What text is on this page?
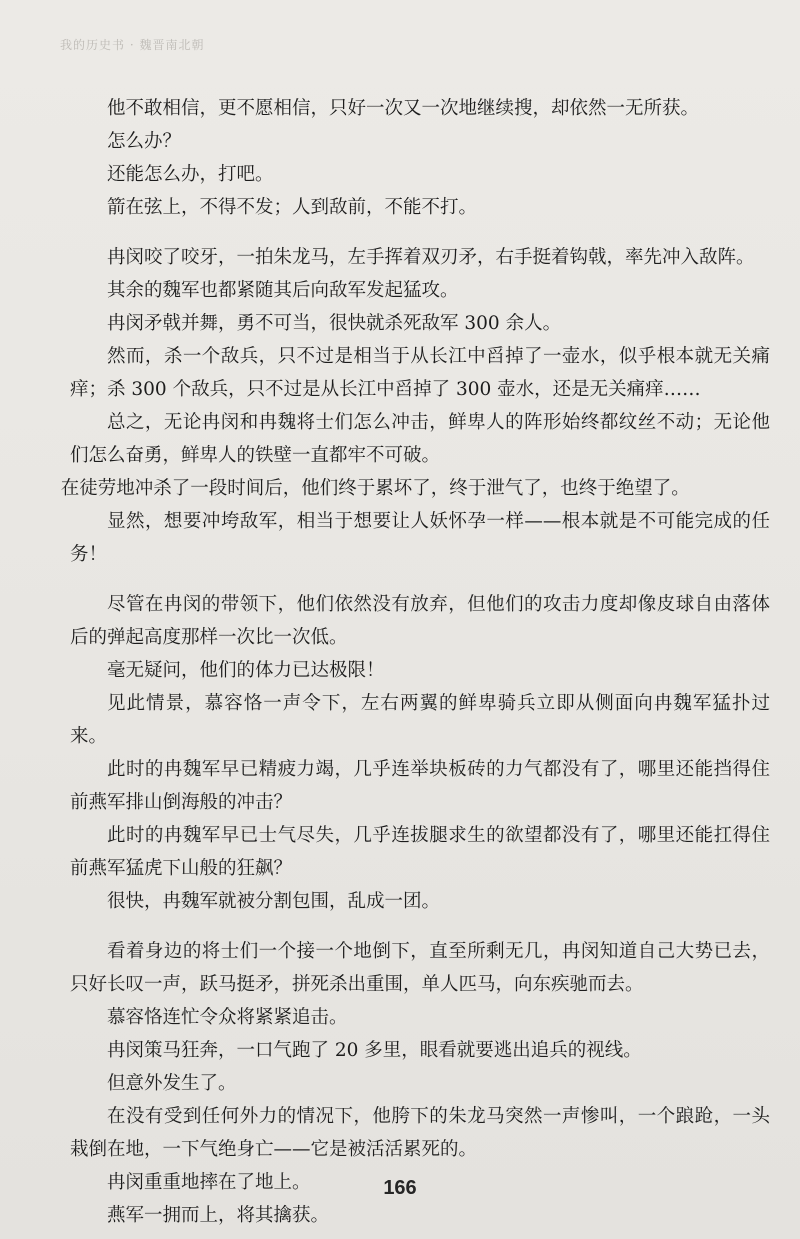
我的历史书 · 魏晋南北朝

他不敢相信，更不愿相信，只好一次又一次地继续搜，却依然一无所获。

怎么办？

还能怎么办，打吧。

箭在弦上，不得不发；人到敌前，不能不打。

冉闵咬了咬牙，一拍朱龙马，左手挥着双刃矛，右手挺着钩戟，率先冲入敌阵。

其余的魏军也都紧随其后向敌军发起猛攻。

冉闵矛戟并舞，勇不可当，很快就杀死敌军 300 余人。

然而，杀一个敌兵，只不过是相当于从长江中舀掉了一壶水，似乎根本就无关痛痒；杀 300 个敌兵，只不过是从长江中舀掉了 300 壶水，还是无关痛痒……

总之，无论冉闵和冉魏将士们怎么冲击，鲜卑人的阵形始终都纹丝不动；无论他们怎么奋勇，鲜卑人的铁壁一直都牢不可破。

在徒劳地冲杀了一段时间后，他们终于累坏了，终于泄气了，也终于绝望了。

显然，想要冲垮敌军，相当于想要让人妖怀孕一样——根本就是不可能完成的任务！

尽管在冉闵的带领下，他们依然没有放弃，但他们的攻击力度却像皮球自由落体后的弹起高度那样一次比一次低。

毫无疑问，他们的体力已达极限！

见此情景，慕容恪一声令下，左右两翼的鲜卑骑兵立即从侧面向冉魏军猛扑过来。

此时的冉魏军早已精疲力竭，几乎连举块板砖的力气都没有了，哪里还能挡得住前燕军排山倒海般的冲击？

此时的冉魏军早已士气尽失，几乎连拔腿求生的欲望都没有了，哪里还能扛得住前燕军猛虎下山般的狂飙？

很快，冉魏军就被分割包围，乱成一团。

看着身边的将士们一个接一个地倒下，直至所剩无几，冉闵知道自己大势已去，只好长叹一声，跃马挺矛，拼死杀出重围，单人匹马，向东疾驰而去。

慕容恪连忙令众将紧紧追击。

冉闵策马狂奔，一口气跑了 20 多里，眼看就要逃出追兵的视线。

但意外发生了。

在没有受到任何外力的情况下，他胯下的朱龙马突然一声惨叫，一个踉跄，一头栽倒在地，一下气绝身亡——它是被活活累死的。

冉闵重重地摔在了地上。

燕军一拥而上，将其擒获。

166
